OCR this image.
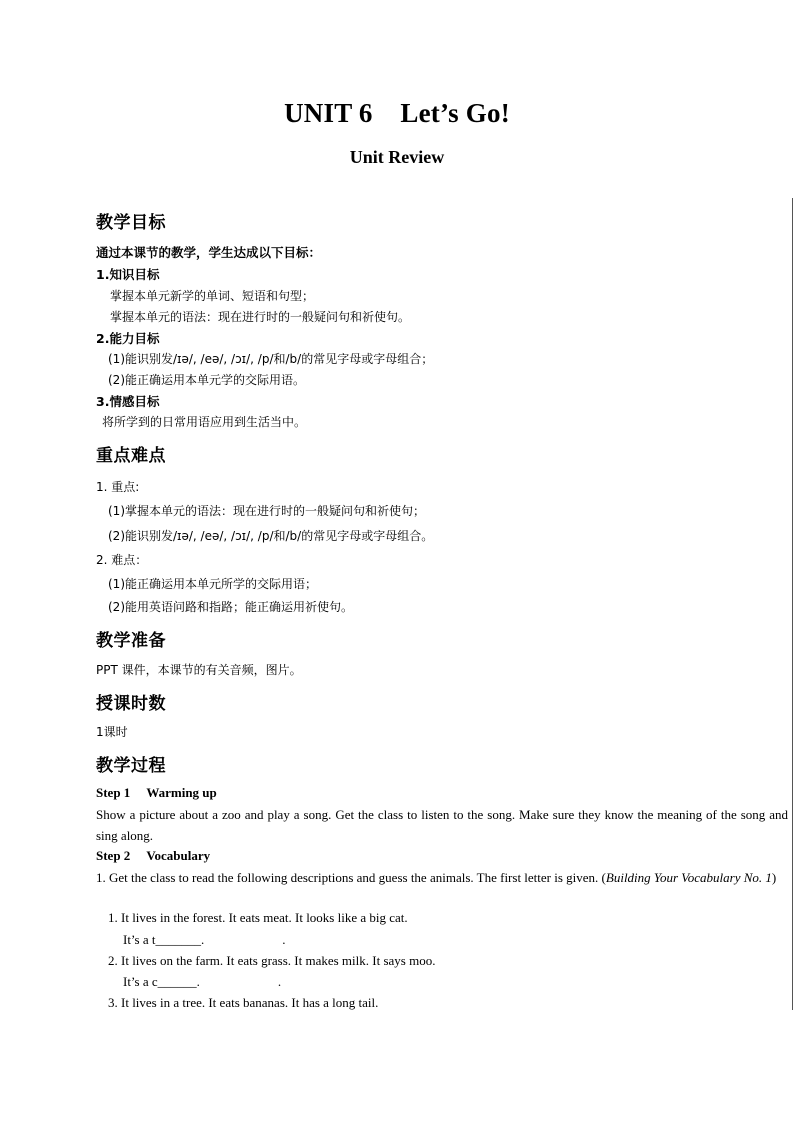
UNIT 6    Let’s Go!
Unit Review
教学目标
通过本课节的教学，学生达成以下目标：
1.知识目标
掌握本单元新学的单词、短语和句型；
掌握本单元的语法：现在进行时的一般疑问句和祈使句。
2.能力目标
(1)能识别发/ɪə/, /eə/, /ɔɪ/, /p/和/b/的常见字母或字母组合；
(2)能正确运用本单元学的交际用语。
3.情感目标
将所学到的日常用语应用到生活当中。
重点难点
1. 重点:
(1)掌握本单元的语法：现在进行时的一般疑问句和祈使句；
(2)能识别发/ɪə/, /eə/, /ɔɪ/, /p/和/b/的常见字母或字母组合。
2. 难点：
(1)能正确运用本单元所学的交际用语；
(2)能用英语问路和指路；能正确运用祈使句。
教学准备
PPT 课件，本课节的有关音频，图片。
授课时数
1课时
教学过程
Step 1     Warming up
Show a picture about a zoo and play a song. Get the class to listen to the song. Make sure they know the meaning of the song and sing along.
Step 2     Vocabulary
1. Get the class to read the following descriptions and guess the animals. The first letter is given. (Building Your Vocabulary No. 1)
1. It lives in the forest. It eats meat. It looks like a big cat.
It’s a t_______.                        .
2. It lives on the farm. It eats grass. It makes milk. It says moo.
It’s a c______.                        .
3. It lives in a tree. It eats bananas. It has a long tail.
